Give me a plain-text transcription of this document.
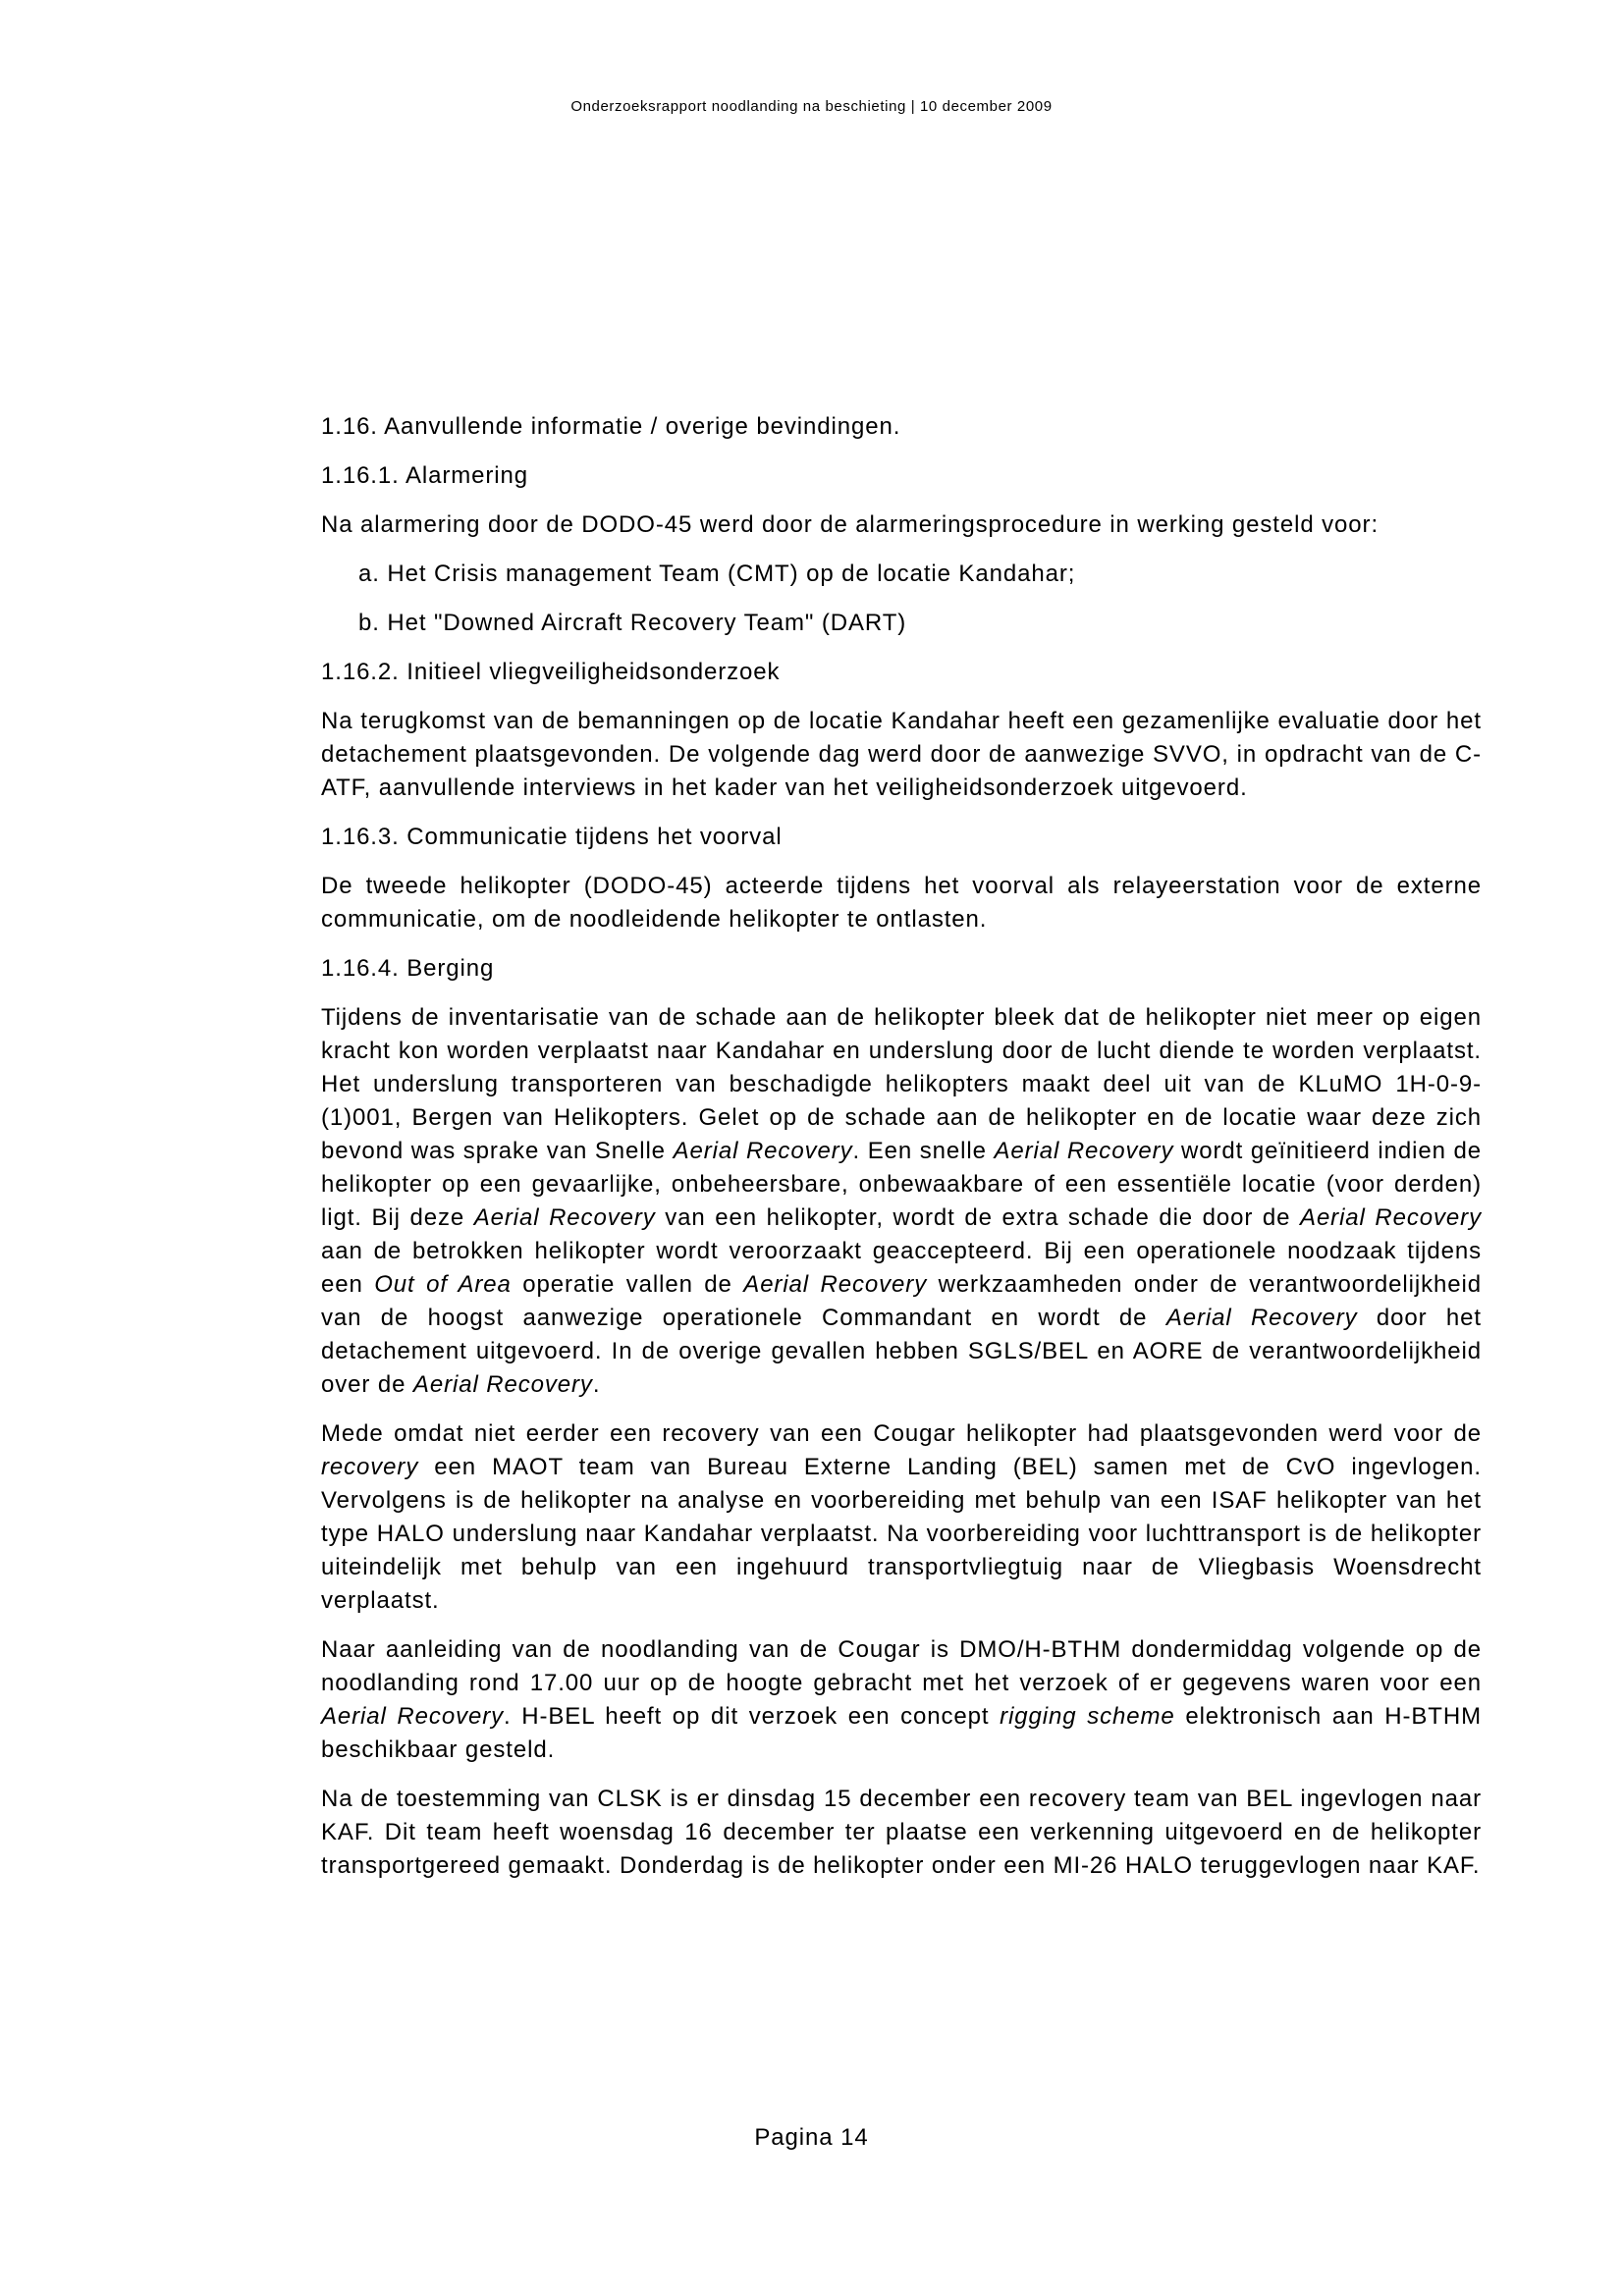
Onderzoeksrapport noodlanding na beschieting | 10 december 2009

1.16. Aanvullende informatie / overige bevindingen.

1.16.1. Alarmering

Na alarmering door de DODO-45 werd door de alarmeringsprocedure in werking gesteld voor:

a. Het Crisis management Team (CMT) op de locatie Kandahar;

b. Het "Downed Aircraft Recovery Team" (DART)

1.16.2. Initieel vliegveiligheidsonderzoek

Na terugkomst van de bemanningen op de locatie Kandahar heeft een gezamenlijke evaluatie door het detachement plaatsgevonden. De volgende dag werd door de aanwezige SVVO, in opdracht van de C-ATF, aanvullende interviews in het kader van het veiligheidsonderzoek uitgevoerd.

1.16.3. Communicatie tijdens het voorval

De tweede helikopter (DODO-45) acteerde tijdens het voorval als relayeerstation voor de externe communicatie, om de noodleidende helikopter te ontlasten.

1.16.4. Berging

Tijdens de inventarisatie van de schade aan de helikopter bleek dat de helikopter niet meer op eigen kracht kon worden verplaatst naar Kandahar en underslung door de lucht diende te worden verplaatst. Het underslung transporteren van beschadigde helikopters maakt deel uit van de KLuMO 1H-0-9-(1)001, Bergen van Helikopters. Gelet op de schade aan de helikopter en de locatie waar deze zich bevond was sprake van Snelle Aerial Recovery. Een snelle Aerial Recovery wordt geïnitieerd indien de helikopter op een gevaarlijke, onbeheersbare, onbewaakbare of een essentiële locatie (voor derden) ligt. Bij deze Aerial Recovery van een helikopter, wordt de extra schade die door de Aerial Recovery aan de betrokken helikopter wordt veroorzaakt geaccepteerd. Bij een operationele noodzaak tijdens een Out of Area operatie vallen de Aerial Recovery werkzaamheden onder de verantwoordelijkheid van de hoogst aanwezige operationele Commandant en wordt de Aerial Recovery door het detachement uitgevoerd. In de overige gevallen hebben SGLS/BEL en AORE de verantwoordelijkheid over de Aerial Recovery.

Mede omdat niet eerder een recovery van een Cougar helikopter had plaatsgevonden werd voor de recovery een MAOT team van Bureau Externe Landing (BEL) samen met de CvO ingevlogen. Vervolgens is de helikopter na analyse en voorbereiding met behulp van een ISAF helikopter van het type HALO underslung naar Kandahar verplaatst. Na voorbereiding voor luchttransport is de helikopter uiteindelijk met behulp van een ingehuurd transportvliegtuig naar de Vliegbasis Woensdrecht verplaatst.

Naar aanleiding van de noodlanding van de Cougar is DMO/H-BTHM dondermiddag volgende op de noodlanding rond 17.00 uur op de hoogte gebracht met het verzoek of er gegevens waren voor een Aerial Recovery. H-BEL heeft op dit verzoek een concept rigging scheme elektronisch aan H-BTHM beschikbaar gesteld.

Na de toestemming van CLSK is er dinsdag 15 december een recovery team van BEL ingevlogen naar KAF. Dit team heeft woensdag 16 december ter plaatse een verkenning uitgevoerd en de helikopter transportgereed gemaakt. Donderdag is de helikopter onder een MI-26 HALO teruggevlogen naar KAF.

Pagina 14
